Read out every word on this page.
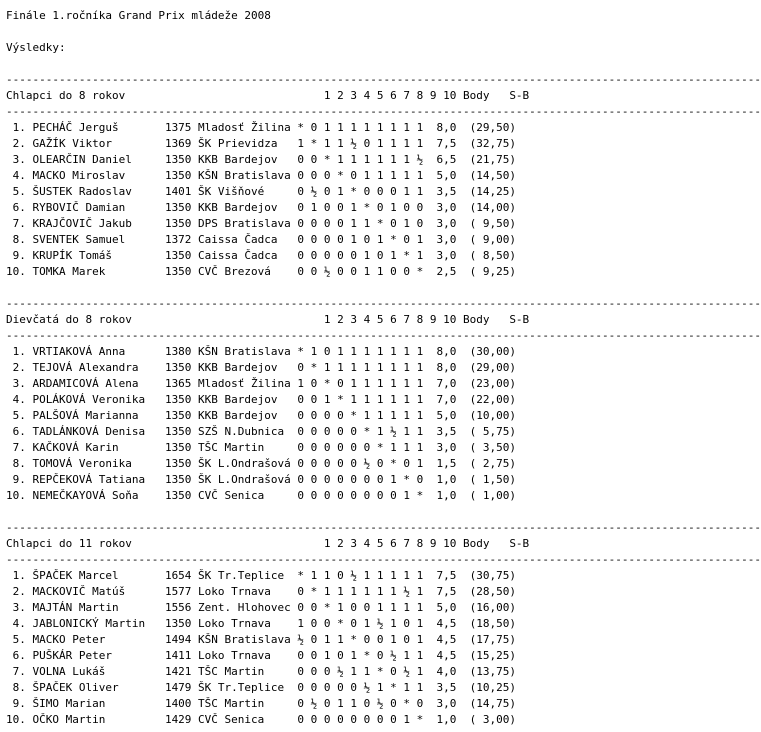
Finále 1.ročníka Grand Prix mládeže 2008
Výsledky:
------------------------------------------------------------------------------------------------------------------
Chlapci do 8 rokov                              1 2 3 4 5 6 7 8 9 10 Body   S-B
------------------------------------------------------------------------------------------------------------------
1. PECHÁČ Jerguš       1375 Mladosť Žilina * 0 1 1 1 1 1 1 1 1  8,0  (29,50)
2. GAŽÍK Viktor        1369 ŠK Prievidza   1 * 1 1 ½ 0 1 1 1 1  7,5  (32,75)
3. OLEARČIN Daniel     1350 KKB Bardejov   0 0 * 1 1 1 1 1 1 ½  6,5  (21,75)
4. MACKO Miroslav      1350 KŠN Bratislava 0 0 0 * 0 1 1 1 1 1  5,0  (14,50)
5. ŠUSTEK Radoslav     1401 ŠK Višňové     0 ½ 0 1 * 0 0 0 1 1  3,5  (14,25)
6. RYBOVIČ Damian      1350 KKB Bardejov   0 1 0 0 1 * 0 1 0 0  3,0  (14,00)
7. KRAJČOVIČ Jakub     1350 DPS Bratislava 0 0 0 0 1 1 * 0 1 0  3,0  ( 9,50)
8. SVENTEK Samuel      1372 Caissa Čadca   0 0 0 0 1 0 1 * 0 1  3,0  ( 9,00)
9. KRUPÍK Tomáš        1350 Caissa Čadca   0 0 0 0 0 1 0 1 * 1  3,0  ( 8,50)
10. TOMKA Marek         1350 CVČ Brezová    0 0 ½ 0 0 1 1 0 0 *  2,5  ( 9,25)
------------------------------------------------------------------------------------------------------------------
Dievčatá do 8 rokov                             1 2 3 4 5 6 7 8 9 10 Body   S-B
------------------------------------------------------------------------------------------------------------------
1. VRTIAKOVÁ Anna      1380 KŠN Bratislava * 1 0 1 1 1 1 1 1 1  8,0  (30,00)
2. TEJOVÁ Alexandra    1350 KKB Bardejov   0 * 1 1 1 1 1 1 1 1  8,0  (29,00)
3. ARDAMICOVÁ Alena    1365 Mladosť Žilina 1 0 * 0 1 1 1 1 1 1  7,0  (23,00)
4. POLÁKOVÁ Veronika   1350 KKB Bardejov   0 0 1 * 1 1 1 1 1 1  7,0  (22,00)
5. PALŠOVÁ Marianna    1350 KKB Bardejov   0 0 0 0 * 1 1 1 1 1  5,0  (10,00)
6. TADLÁNKOVÁ Denisa   1350 SZŠ N.Dubnica  0 0 0 0 0 * 1 ½ 1 1  3,5  ( 5,75)
7. KAČKOVÁ Karin       1350 TŠC Martin     0 0 0 0 0 0 * 1 1 1  3,0  ( 3,50)
8. TOMOVÁ Veronika     1350 ŠK L.Ondrašová 0 0 0 0 0 ½ 0 * 0 1  1,5  ( 2,75)
9. REPČEKOVÁ Tatiana   1350 ŠK L.Ondrašová 0 0 0 0 0 0 0 1 * 0  1,0  ( 1,50)
10. NEMEČKAYOVÁ Soňa    1350 CVČ Senica     0 0 0 0 0 0 0 0 1 *  1,0  ( 1,00)
------------------------------------------------------------------------------------------------------------------
Chlapci do 11 rokov                             1 2 3 4 5 6 7 8 9 10 Body   S-B
------------------------------------------------------------------------------------------------------------------
1. ŠPAČEK Marcel       1654 ŠK Tr.Teplice  * 1 1 0 ½ 1 1 1 1 1  7,5  (30,75)
2. MACKOVIČ Matúš      1577 Loko Trnava    0 * 1 1 1 1 1 1 ½ 1  7,5  (28,50)
3. MAJTÁN Martin       1556 Zent. Hlohovec 0 0 * 1 0 0 1 1 1 1  5,0  (16,00)
4. JABLONICKÝ Martin   1350 Loko Trnava    1 0 0 * 0 1 ½ 1 0 1  4,5  (18,50)
5. MACKO Peter         1494 KŠN Bratislava ½ 0 1 1 * 0 0 1 0 1  4,5  (17,75)
6. PUŠKÁR Peter        1411 Loko Trnava    0 0 1 0 1 * 0 ½ 1 1  4,5  (15,25)
7. VOLNA Lukáš         1421 TŠC Martin     0 0 0 ½ 1 1 * 0 ½ 1  4,0  (13,75)
8. ŠPAČEK Oliver       1479 ŠK Tr.Teplice  0 0 0 0 0 ½ 1 * 1 1  3,5  (10,25)
9. ŠIMO Marian         1400 TŠC Martin     0 ½ 0 1 1 0 ½ 0 * 0  3,0  (14,75)
10. OČKO Martin         1429 CVČ Senica     0 0 0 0 0 0 0 0 1 *  1,0  ( 3,00)
